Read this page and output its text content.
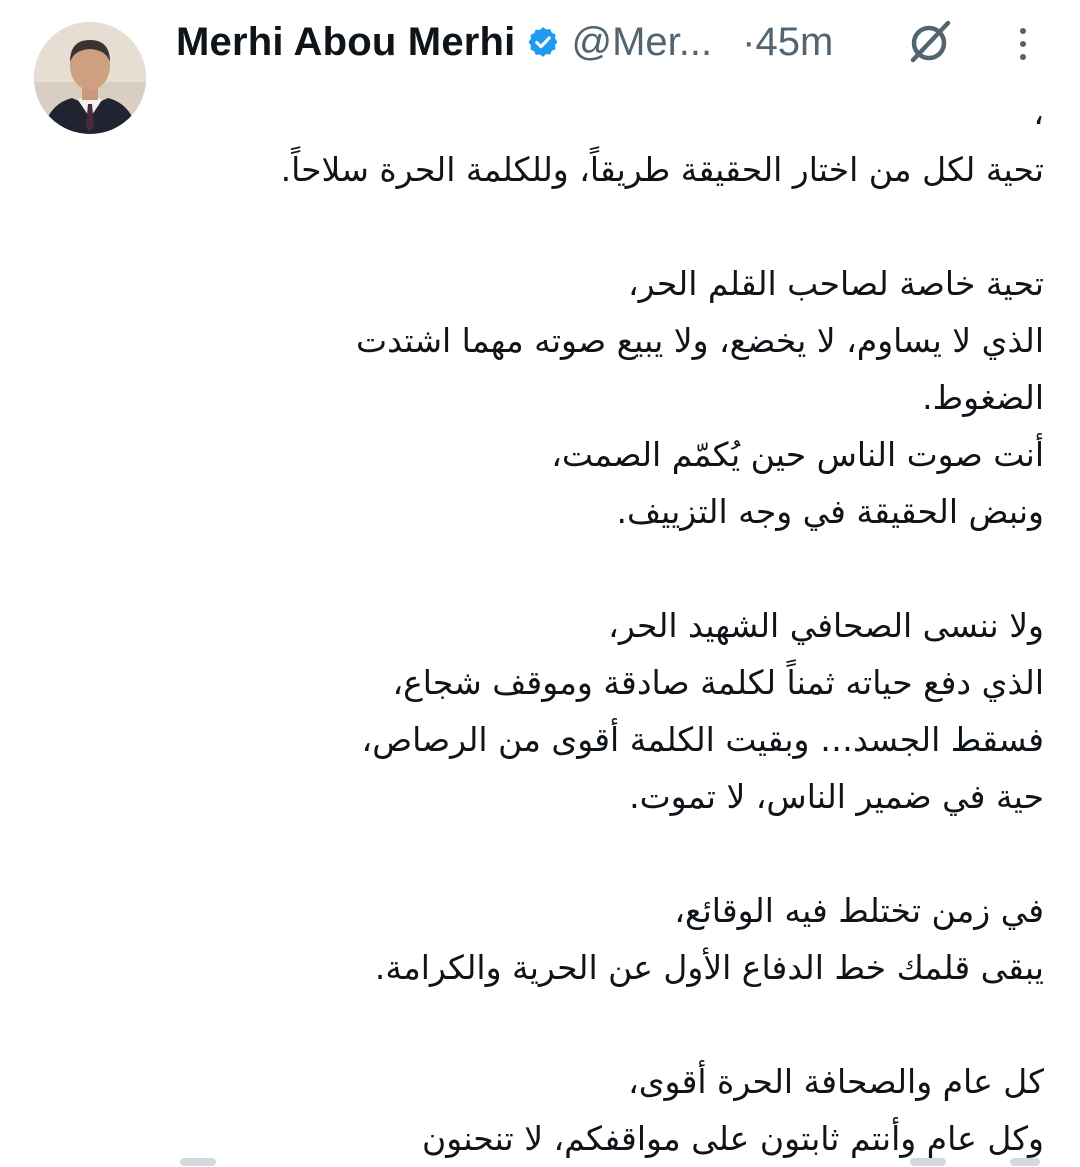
Merhi Abou Merhi @Mer... ·45m
،
تحية لكل من اختار الحقيقة طريقاً، وللكلمة الحرة سلاحاً.
تحية خاصة لصاحب القلم الحر،
الذي لا يساوم، لا يخضع، ولا يبيع صوته مهما اشتدت
الضغوط.
أنت صوت الناس حين يُكمّم الصمت،
ونبض الحقيقة في وجه التزييف.
ولا ننسى الصحافي الشهيد الحر،
الذي دفع حياته ثمناً لكلمة صادقة وموقف شجاع،
فسقط الجسد… وبقيت الكلمة أقوى من الرصاص،
حية في ضمير الناس، لا تموت.
في زمن تختلط فيه الوقائع،
يبقى قلمك خط الدفاع الأول عن الحرية والكرامة.
كل عام والصحافة الحرة أقوى،
وكل عام وأنتم ثابتون على مواقفكم، لا تنحنون
